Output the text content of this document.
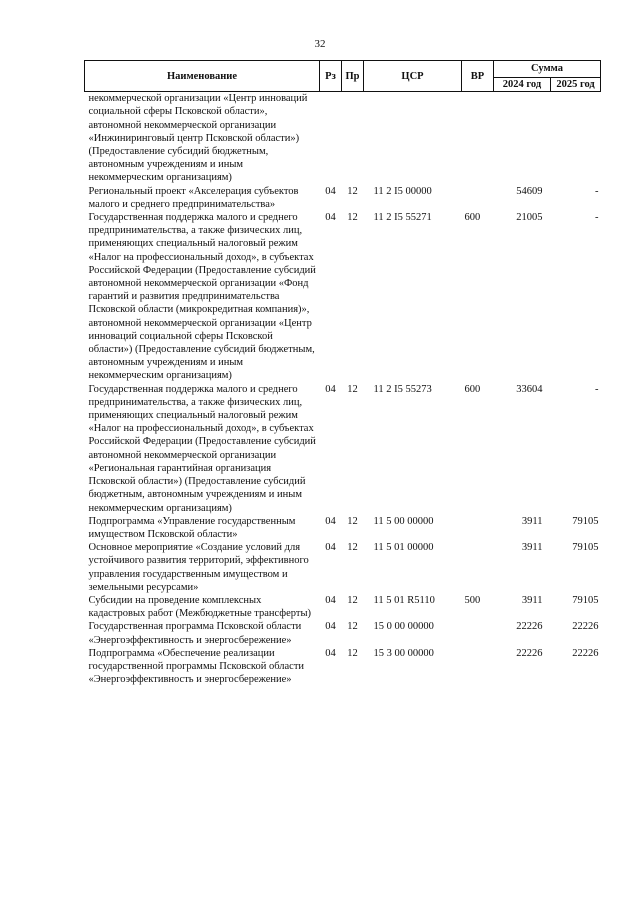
32
Наименование	Рз	Пр	ЦСР	ВР	Сумма	
					2024 год	2025 год
некоммерческой организации «Центр инноваций социальной сферы Псковской области», автономной некоммерческой организации «Инжиниринговый центр Псковской области») (Предоставление субсидий бюджетным, автономным учреждениям и иным некоммерческим организациям)						
Региональный проект «Акселерация субъектов малого и среднего предпринимательства»	04	12	11 2 I5 00000		54609	-
Государственная поддержка малого и среднего предпринимательства, а также физических лиц, применяющих специальный налоговый режим «Налог на профессиональный доход», в субъектах Российской Федерации (Предоставление субсидий автономной некоммерческой организации «Фонд гарантий и развития предпринимательства Псковской области (микрокредитная компания)», автономной некоммерческой организации «Центр инноваций социальной сферы Псковской области») (Предоставление субсидий бюджетным, автономным учреждениям и иным некоммерческим организациям)	04	12	11 2 I5 55271	600	21005	-
Государственная поддержка малого и среднего предпринимательства, а также физических лиц, применяющих специальный налоговый режим «Налог на профессиональный доход», в субъектах Российской Федерации (Предоставление субсидий автономной некоммерческой организации «Региональная гарантийная организация Псковской области») (Предоставление субсидий бюджетным, автономным учреждениям и иным некоммерческим организациям)	04	12	11 2 I5 55273	600	33604	-
Подпрограмма «Управление государственным имуществом Псковской области»	04	12	11 5 00 00000		3911	79105
Основное мероприятие «Создание условий для устойчивого развития территорий, эффективного управления государственным имуществом и земельными ресурсами»	04	12	11 5 01 00000		3911	79105
Субсидии на проведение комплексных кадастровых работ (Межбюджетные трансферты)	04	12	11 5 01 R5110	500	3911	79105
Государственная программа Псковской области «Энергоэффективность и энергосбережение»	04	12	15 0 00 00000		22226	22226
Подпрограмма «Обеспечение реализации государственной программы Псковской области «Энергоэффективность и энергосбережение»	04	12	15 3 00 00000		22226	22226
